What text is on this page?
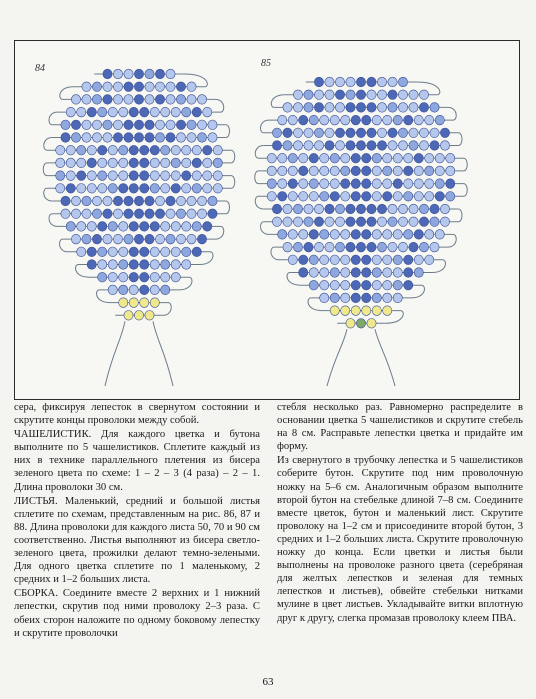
84	85

сера, фиксируя лепесток в свернутом состоянии и скрутите концы проволоки между собой.

ЧАШЕЛИСТИК. Для каждого цветка и бутона выполните по 5 чашелистиков. Сплетите каждый из них в технике параллельного плетения из бисера зеленого цвета по схеме: 1 – 2 – 3 (4 раза) – 2 – 1. Длина проволоки 30 см.

ЛИСТЬЯ. Маленький, средний и большой листья сплетите по схемам, представленным на рис. 86, 87 и 88. Длина проволоки для каждого листа 50, 70 и 90 см соответственно. Листья выполняют из бисера светло-зеленого цвета, прожилки делают темно-зелеными. Для одного цветка сплетите по 1 маленькому, 2 средних и 1–2 больших листа.

СБОРКА. Соедините вместе 2 верхних и 1 нижний лепестки, скрутив под ними проволоку 2–3 раза. С обеих сторон наложите по одному боковому лепестку и скрутите проволочки

стебля несколько раз. Равномерно распределите в основании цветка 5 чашелистиков и скрутите стебель на 8 см. Расправьте лепестки цветка и придайте им форму.

Из свернутого в трубочку лепестка и 5 чашелистиков соберите бутон. Скрутите под ним проволочную ножку на 5–6 см. Аналогичным образом выполните второй бутон на стебельке длиной 7–8 см. Соедините вместе цветок, бутон и маленький лист. Скрутите проволоку на 1–2 см и присоедините второй бутон, 3 средних и 1–2 больших листа. Скрутите проволочную ножку до конца. Если цветки и листья были выполнены на проволоке разного цвета (серебряная для желтых лепестков и зеленая для темных лепестков и листьев), обвейте стебельки нитками мулине в цвет листьев. Укладывайте витки вплотную друг к другу, слегка промазав проволоку клеем ПВА.

63
